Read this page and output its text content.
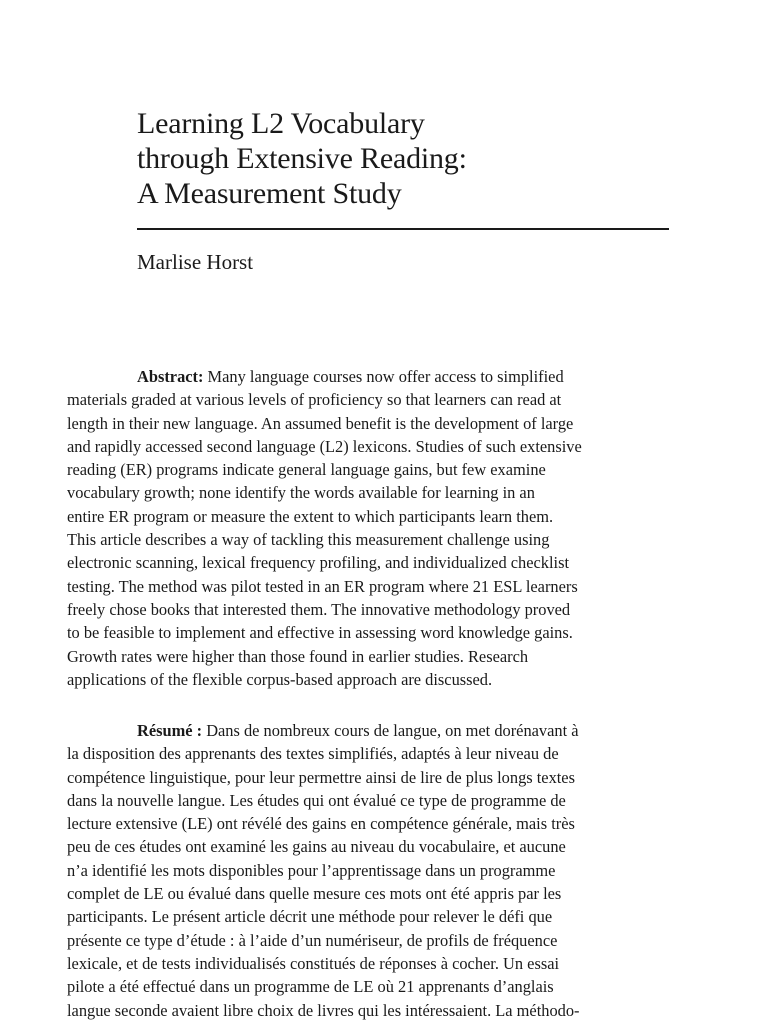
Learning L2 Vocabulary
through Extensive Reading:
A Measurement Study

Marlise Horst

Abstract: Many language courses now offer access to simplified
materials graded at various levels of proficiency so that learners can read at
length in their new language. An assumed benefit is the development of large
and rapidly accessed second language (L2) lexicons. Studies of such extensive
reading (ER) programs indicate general language gains, but few examine
vocabulary growth; none identify the words available for learning in an
entire ER program or measure the extent to which participants learn them.
This article describes a way of tackling this measurement challenge using
electronic scanning, lexical frequency profiling, and individualized checklist
testing. The method was pilot tested in an ER program where 21 ESL learners
freely chose books that interested them. The innovative methodology proved
to be feasible to implement and effective in assessing word knowledge gains.
Growth rates were higher than those found in earlier studies. Research
applications of the flexible corpus-based approach are discussed.

Résumé : Dans de nombreux cours de langue, on met dorénavant à
la disposition des apprenants des textes simplifiés, adaptés à leur niveau de
compétence linguistique, pour leur permettre ainsi de lire de plus longs textes
dans la nouvelle langue. Les études qui ont évalué ce type de programme de
lecture extensive (LE) ont révélé des gains en compétence générale, mais très
peu de ces études ont examiné les gains au niveau du vocabulaire, et aucune
n’a identifié les mots disponibles pour l’apprentissage dans un programme
complet de LE ou évalué dans quelle mesure ces mots ont été appris par les
participants. Le présent article décrit une méthode pour relever le défi que
présente ce type d’étude : à l’aide d’un numériseur, de profils de fréquence
lexicale, et de tests individualisés constitués de réponses à cocher. Un essai
pilote a été effectué dans un programme de LE où 21 apprenants d’anglais
langue seconde avaient libre choix de livres qui les intéressaient. La méthodo-
